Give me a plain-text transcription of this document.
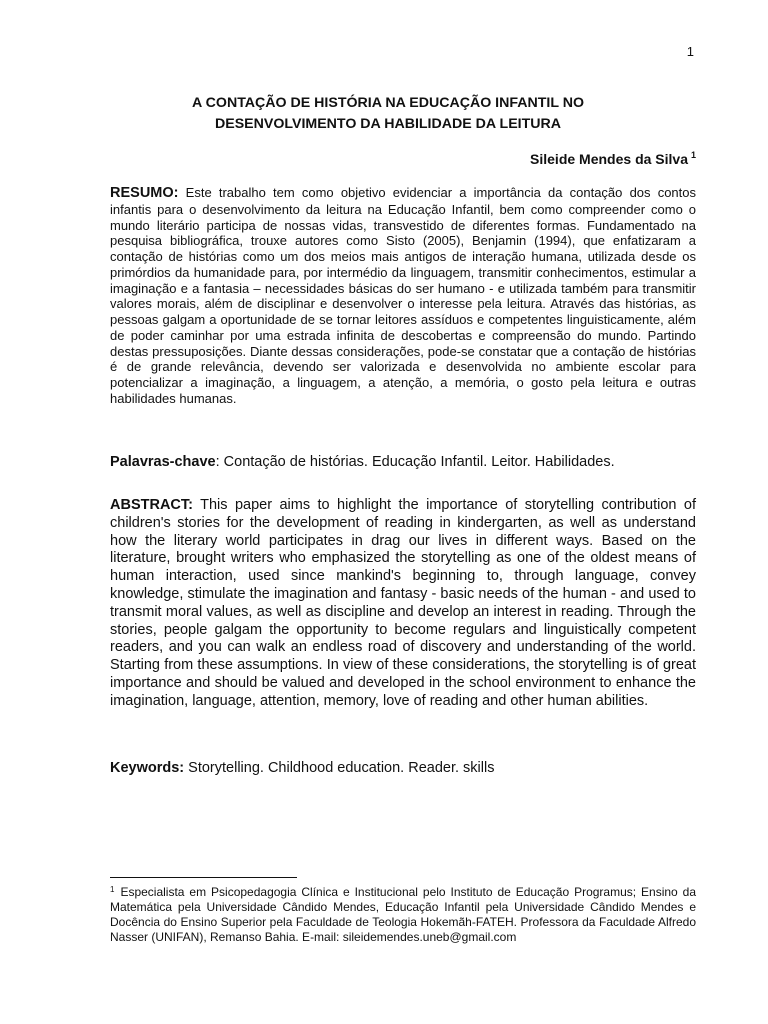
1
A CONTAÇÃO DE HISTÓRIA NA EDUCAÇÃO INFANTIL NO
DESENVOLVIMENTO DA HABILIDADE DA LEITURA
Sileide Mendes da Silva $^1$
RESUMO: Este trabalho tem como objetivo evidenciar a importância da contação dos contos infantis para o desenvolvimento da leitura na Educação Infantil, bem como compreender como o mundo literário participa de nossas vidas, transvestido de diferentes formas. Fundamentado na pesquisa bibliográfica, trouxe autores como Sisto (2005), Benjamin (1994), que enfatizaram a contação de histórias como um dos meios mais antigos de interação humana, utilizada desde os primórdios da humanidade para, por intermédio da linguagem, transmitir conhecimentos, estimular a imaginação e a fantasia – necessidades básicas do ser humano - e utilizada também para transmitir valores morais, além de disciplinar e desenvolver o interesse pela leitura. Através das histórias, as pessoas galgam a oportunidade de se tornar leitores assíduos e competentes linguisticamente, além de poder caminhar por uma estrada infinita de descobertas e compreensão do mundo. Partindo destas pressuposições. Diante dessas considerações, pode-se constatar que a contação de histórias é de grande relevância, devendo ser valorizada e desenvolvida no ambiente escolar para potencializar a imaginação, a linguagem, a atenção, a memória, o gosto pela leitura e outras habilidades humanas.
Palavras-chave: Contação de histórias. Educação Infantil. Leitor. Habilidades.
ABSTRACT: This paper aims to highlight the importance of storytelling contribution of children's stories for the development of reading in kindergarten, as well as understand how the literary world participates in drag our lives in different ways. Based on the literature, brought writers who emphasized the storytelling as one of the oldest means of human interaction, used since mankind's beginning to, through language, convey knowledge, stimulate the imagination and fantasy - basic needs of the human - and used to transmit moral values, as well as discipline and develop an interest in reading. Through the stories, people galgam the opportunity to become regulars and linguistically competent readers, and you can walk an endless road of discovery and understanding of the world. Starting from these assumptions. In view of these considerations, the storytelling is of great importance and should be valued and developed in the school environment to enhance the imagination, language, attention, memory, love of reading and other human abilities.
Keywords: Storytelling. Childhood education. Reader. skills
$^1$ Especialista em Psicopedagogia Clínica e Institucional pelo Instituto de Educação Programus; Ensino da Matemática pela Universidade Cândido Mendes, Educação Infantil pela Universidade Cândido Mendes e Docência do Ensino Superior pela Faculdade de Teologia Hokemãh-FATEH. Professora da Faculdade Alfredo Nasser (UNIFAN), Remanso Bahia. E-mail: sileidemendes.uneb@gmail.com
